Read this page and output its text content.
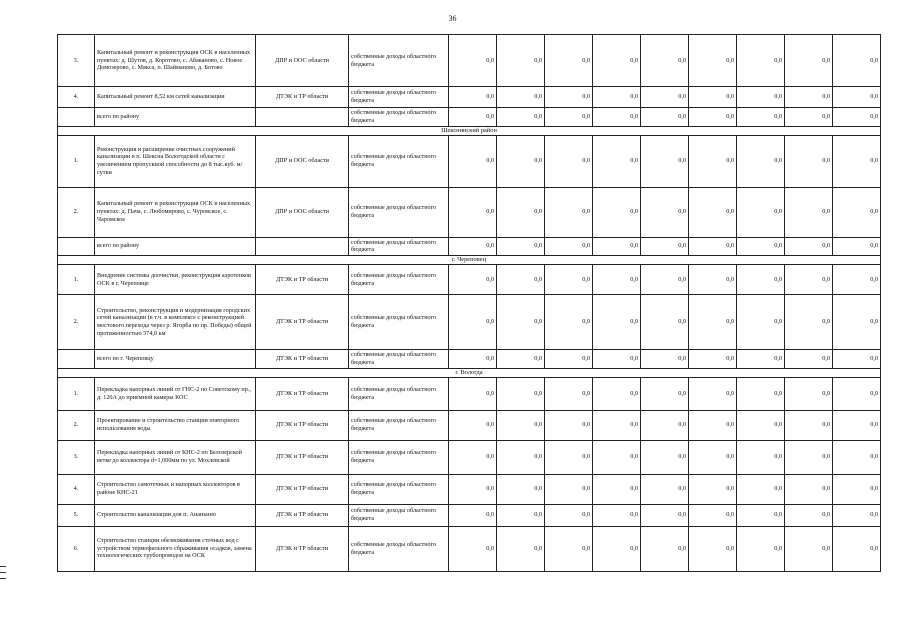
36
3.	Капитальный ремонт и реконструкция ОСК в населенных пунктах: д. Шутов, д. Коротово, с. Абакановo, с. Новое Домозерово, с. Мякса, п. Шайманово, д. Ботово	ДПР и ООС области	собственные доходы областного бюджета	0,0	0,0	0,0	0,0	0,0	0,0	0,0	0,0	0,0
4.	Капитальный ремонт 8,52 км сетей канализации	ДТЭК и ТР области	собственные доходы областного бюджета	0,0	0,0	0,0	0,0	0,0	0,0	0,0	0,0	0,0
	всего по району		собственные доходы областного бюджета	0,0	0,0	0,0	0,0	0,0	0,0	0,0	0,0	0,0
Шекснинский район												
1.	Реконструкция и расширение очистных сооружений канализации в п. Шексна Вологодской области с увеличением пропускной способности до 8 тыс.куб. м/сутки	ДПР и ООС области	собственные доходы областного бюджета	0,0	0,0	0,0	0,0	0,0	0,0	0,0	0,0	0,0
2.	Капитальный ремонт и реконструкция ОСК в населенных пунктах: д. Пача, с. Любомирово, с. Чуровское, с. Чаромское	ДПР и ООС области	собственные доходы областного бюджета	0,0	0,0	0,0	0,0	0,0	0,0	0,0	0,0	0,0
	всего по району		собственные доходы областного бюджета	0,0	0,0	0,0	0,0	0,0	0,0	0,0	0,0	0,0
г. Череповец												
1.	Внедрение системы доочистки, реконструкция аэротенков ОСК в г. Череповце	ДТЭК и ТР области	собственные доходы областного бюджета	0,0	0,0	0,0	0,0	0,0	0,0	0,0	0,0	0,0
2.	Строительство, реконструкция и модернизация городских сетей канализации (в т.ч. в комплексе с реконструкцией мостового перехода через р. Ягорба по пр. Победы) общей протяженностью 374,0 км	ДТЭК и ТР области	собственные доходы областного бюджета	0,0	0,0	0,0	0,0	0,0	0,0	0,0	0,0	0,0
	всего по г. Череповцу	ДТЭК и ТР области	собственные доходы областного бюджета	0,0	0,0	0,0	0,0	0,0	0,0	0,0	0,0	0,0
г. Вологда												
1.	Перекладка напорных линий от ГНС-2 по Советскому пр., д. 120А до приемной камеры КОС	ДТЭК и ТР области	собственные доходы областного бюджета	0,0	0,0	0,0	0,0	0,0	0,0	0,0	0,0	0,0
2.	Проектирование и строительство станции повторного использования воды	ДТЭК и ТР области	собственные доходы областного бюджета	0,0	0,0	0,0	0,0	0,0	0,0	0,0	0,0	0,0
3.	Перекладка напорных линий от КНС-2 по Белозерской ветке до коллектора d=1,000мм по ул. Мохлевской	ДТЭК и ТР области	собственные доходы областного бюджета	0,0	0,0	0,0	0,0	0,0	0,0	0,0	0,0	0,0
4.	Строительство самотечных и напорных коллекторов в районе КНС-21	ДТЭК и ТР области	собственные доходы областного бюджета	0,0	0,0	0,0	0,0	0,0	0,0	0,0	0,0	0,0
5.	Строительство канализации для п. Ананьино	ДТЭК и ТР области	собственные доходы областного бюджета	0,0	0,0	0,0	0,0	0,0	0,0	0,0	0,0	0,0
6.	Строительство станции обезвоживания сточных вод с устройством термофильного сбраживания осадков, замена технологических трубопроводов на ОСК	ДТЭК и ТР области	собственные доходы областного бюджета	0,0	0,0	0,0	0,0	0,0	0,0	0,0	0,0	0,0
